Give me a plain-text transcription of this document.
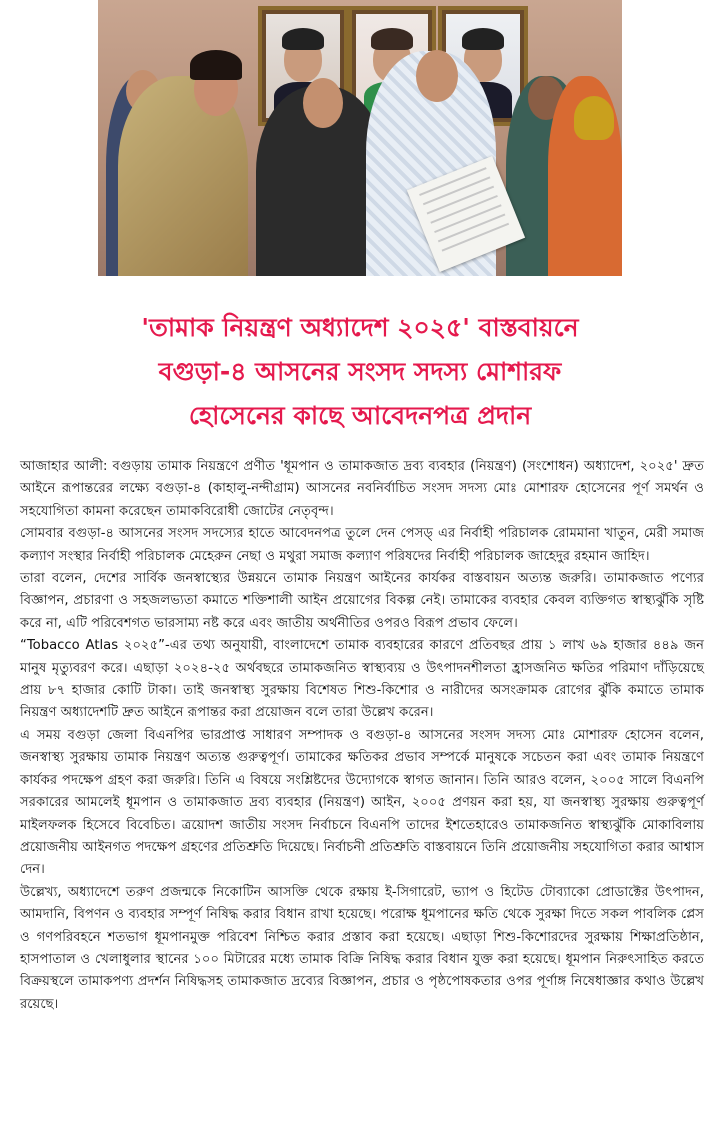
'তামাক নিয়ন্ত্রণ অধ্যাদেশ ২০২৫' বাস্তবায়নে
বগুড়া-৪ আসনের সংসদ সদস্য মোশারফ
হোসেনের কাছে আবেদনপত্র প্রদান

আজাহার আলী: বগুড়ায় তামাক নিয়ন্ত্রণে প্রণীত 'ধূমপান ও তামাকজাত দ্রব্য ব্যবহার (নিয়ন্ত্রণ) (সংশোধন) অধ্যাদেশ, ২০২৫' দ্রুত আইনে রূপান্তরের লক্ষ্যে বগুড়া-৪ (কাহালু-নন্দীগ্রাম) আসনের নবনির্বাচিত সংসদ সদস্য মোঃ মোশারফ হোসেনের পূর্ণ সমর্থন ও সহযোগিতা কামনা করেছেন তামাকবিরোধী জোটের নেতৃবৃন্দ।

সোমবার বগুড়া-৪ আসনের সংসদ সদস্যের হাতে আবেদনপত্র তুলে দেন পেসড্ এর নির্বাহী পরিচালক রোমমানা খাতুন, মেরী সমাজ কল্যাণ সংস্থার নির্বাহী পরিচালক মেহেরুন নেছা ও মথুরা সমাজ কল্যাণ পরিষদের নির্বাহী পরিচালক জাহেদুর রহমান জাহিদ।

তারা বলেন, দেশের সার্বিক জনস্বাস্থ্যের উন্নয়নে তামাক নিয়ন্ত্রণ আইনের কার্যকর বাস্তবায়ন অত্যন্ত জরুরি। তামাকজাত পণ্যের বিজ্ঞাপন, প্রচারণা ও সহজলভ্যতা কমাতে শক্তিশালী আইন প্রয়োগের বিকল্প নেই। তামাকের ব্যবহার কেবল ব্যক্তিগত স্বাস্থ্যঝুঁকি সৃষ্টি করে না, এটি পরিবেশগত ভারসাম্য নষ্ট করে এবং জাতীয় অর্থনীতির ওপরও বিরূপ প্রভাব ফেলে।

“Tobacco Atlas ২০২৫”-এর তথ্য অনুযায়ী, বাংলাদেশে তামাক ব্যবহারের কারণে প্রতিবছর প্রায় ১ লাখ ৬৯ হাজার ৪৪৯ জন মানুষ মৃত্যুবরণ করে। এছাড়া ২০২৪-২৫ অর্থবছরে তামাকজনিত স্বাস্থ্যব্যয় ও উৎপাদনশীলতা হ্রাসজনিত ক্ষতির পরিমাণ দাঁড়িয়েছে প্রায় ৮৭ হাজার কোটি টাকা। তাই জনস্বাস্থ্য সুরক্ষায় বিশেষত শিশু-কিশোর ও নারীদের অসংক্রামক রোগের ঝুঁকি কমাতে তামাক নিয়ন্ত্রণ অধ্যাদেশটি দ্রুত আইনে রূপান্তর করা প্রয়োজন বলে তারা উল্লেখ করেন।

এ সময় বগুড়া জেলা বিএনপির ভারপ্রাপ্ত সাধারণ সম্পাদক ও বগুড়া-৪ আসনের সংসদ সদস্য মোঃ মোশারফ হোসেন বলেন, জনস্বাস্থ্য সুরক্ষায় তামাক নিয়ন্ত্রণ অত্যন্ত গুরুত্বপূর্ণ। তামাকের ক্ষতিকর প্রভাব সম্পর্কে মানুষকে সচেতন করা এবং তামাক নিয়ন্ত্রণে কার্যকর পদক্ষেপ গ্রহণ করা জরুরি। তিনি এ বিষয়ে সংশ্লিষ্টদের উদ্যোগকে স্বাগত জানান। তিনি আরও বলেন, ২০০৫ সালে বিএনপি সরকারের আমলেই ধূমপান ও তামাকজাত দ্রব্য ব্যবহার (নিয়ন্ত্রণ) আইন, ২০০৫ প্রণয়ন করা হয়, যা জনস্বাস্থ্য সুরক্ষায় গুরুত্বপূর্ণ মাইলফলক হিসেবে বিবেচিত। ত্রয়োদশ জাতীয় সংসদ নির্বাচনে বিএনপি তাদের ইশতেহারেও তামাকজনিত স্বাস্থ্যঝুঁকি মোকাবিলায় প্রয়োজনীয় আইনগত পদক্ষেপ গ্রহণের প্রতিশ্রুতি দিয়েছে। নির্বাচনী প্রতিশ্রুতি বাস্তবায়নে তিনি প্রয়োজনীয় সহযোগিতা করার আশ্বাস দেন।

উল্লেখ্য, অধ্যাদেশে তরুণ প্রজন্মকে নিকোটিন আসক্তি থেকে রক্ষায় ই-সিগারেট, ভ্যাপ ও হিটেড টোব্যাকো প্রোডাক্টের উৎপাদন, আমদানি, বিপণন ও ব্যবহার সম্পূর্ণ নিষিদ্ধ করার বিধান রাখা হয়েছে। পরোক্ষ ধূমপানের ক্ষতি থেকে সুরক্ষা দিতে সকল পাবলিক প্লেস ও গণপরিবহনে শতভাগ ধূমপানমুক্ত পরিবেশ নিশ্চিত করার প্রস্তাব করা হয়েছে। এছাড়া শিশু-কিশোরদের সুরক্ষায় শিক্ষাপ্রতিষ্ঠান, হাসপাতাল ও খেলাধুলার স্থানের ১০০ মিটারের মধ্যে তামাক বিক্রি নিষিদ্ধ করার বিধান যুক্ত করা হয়েছে। ধূমপান নিরুৎসাহিত করতে বিক্রয়স্থলে তামাকপণ্য প্রদর্শন নিষিদ্ধসহ তামাকজাত দ্রব্যের বিজ্ঞাপন, প্রচার ও পৃষ্ঠপোষকতার ওপর পূর্ণাঙ্গ নিষেধাজ্ঞার কথাও উল্লেখ রয়েছে।
